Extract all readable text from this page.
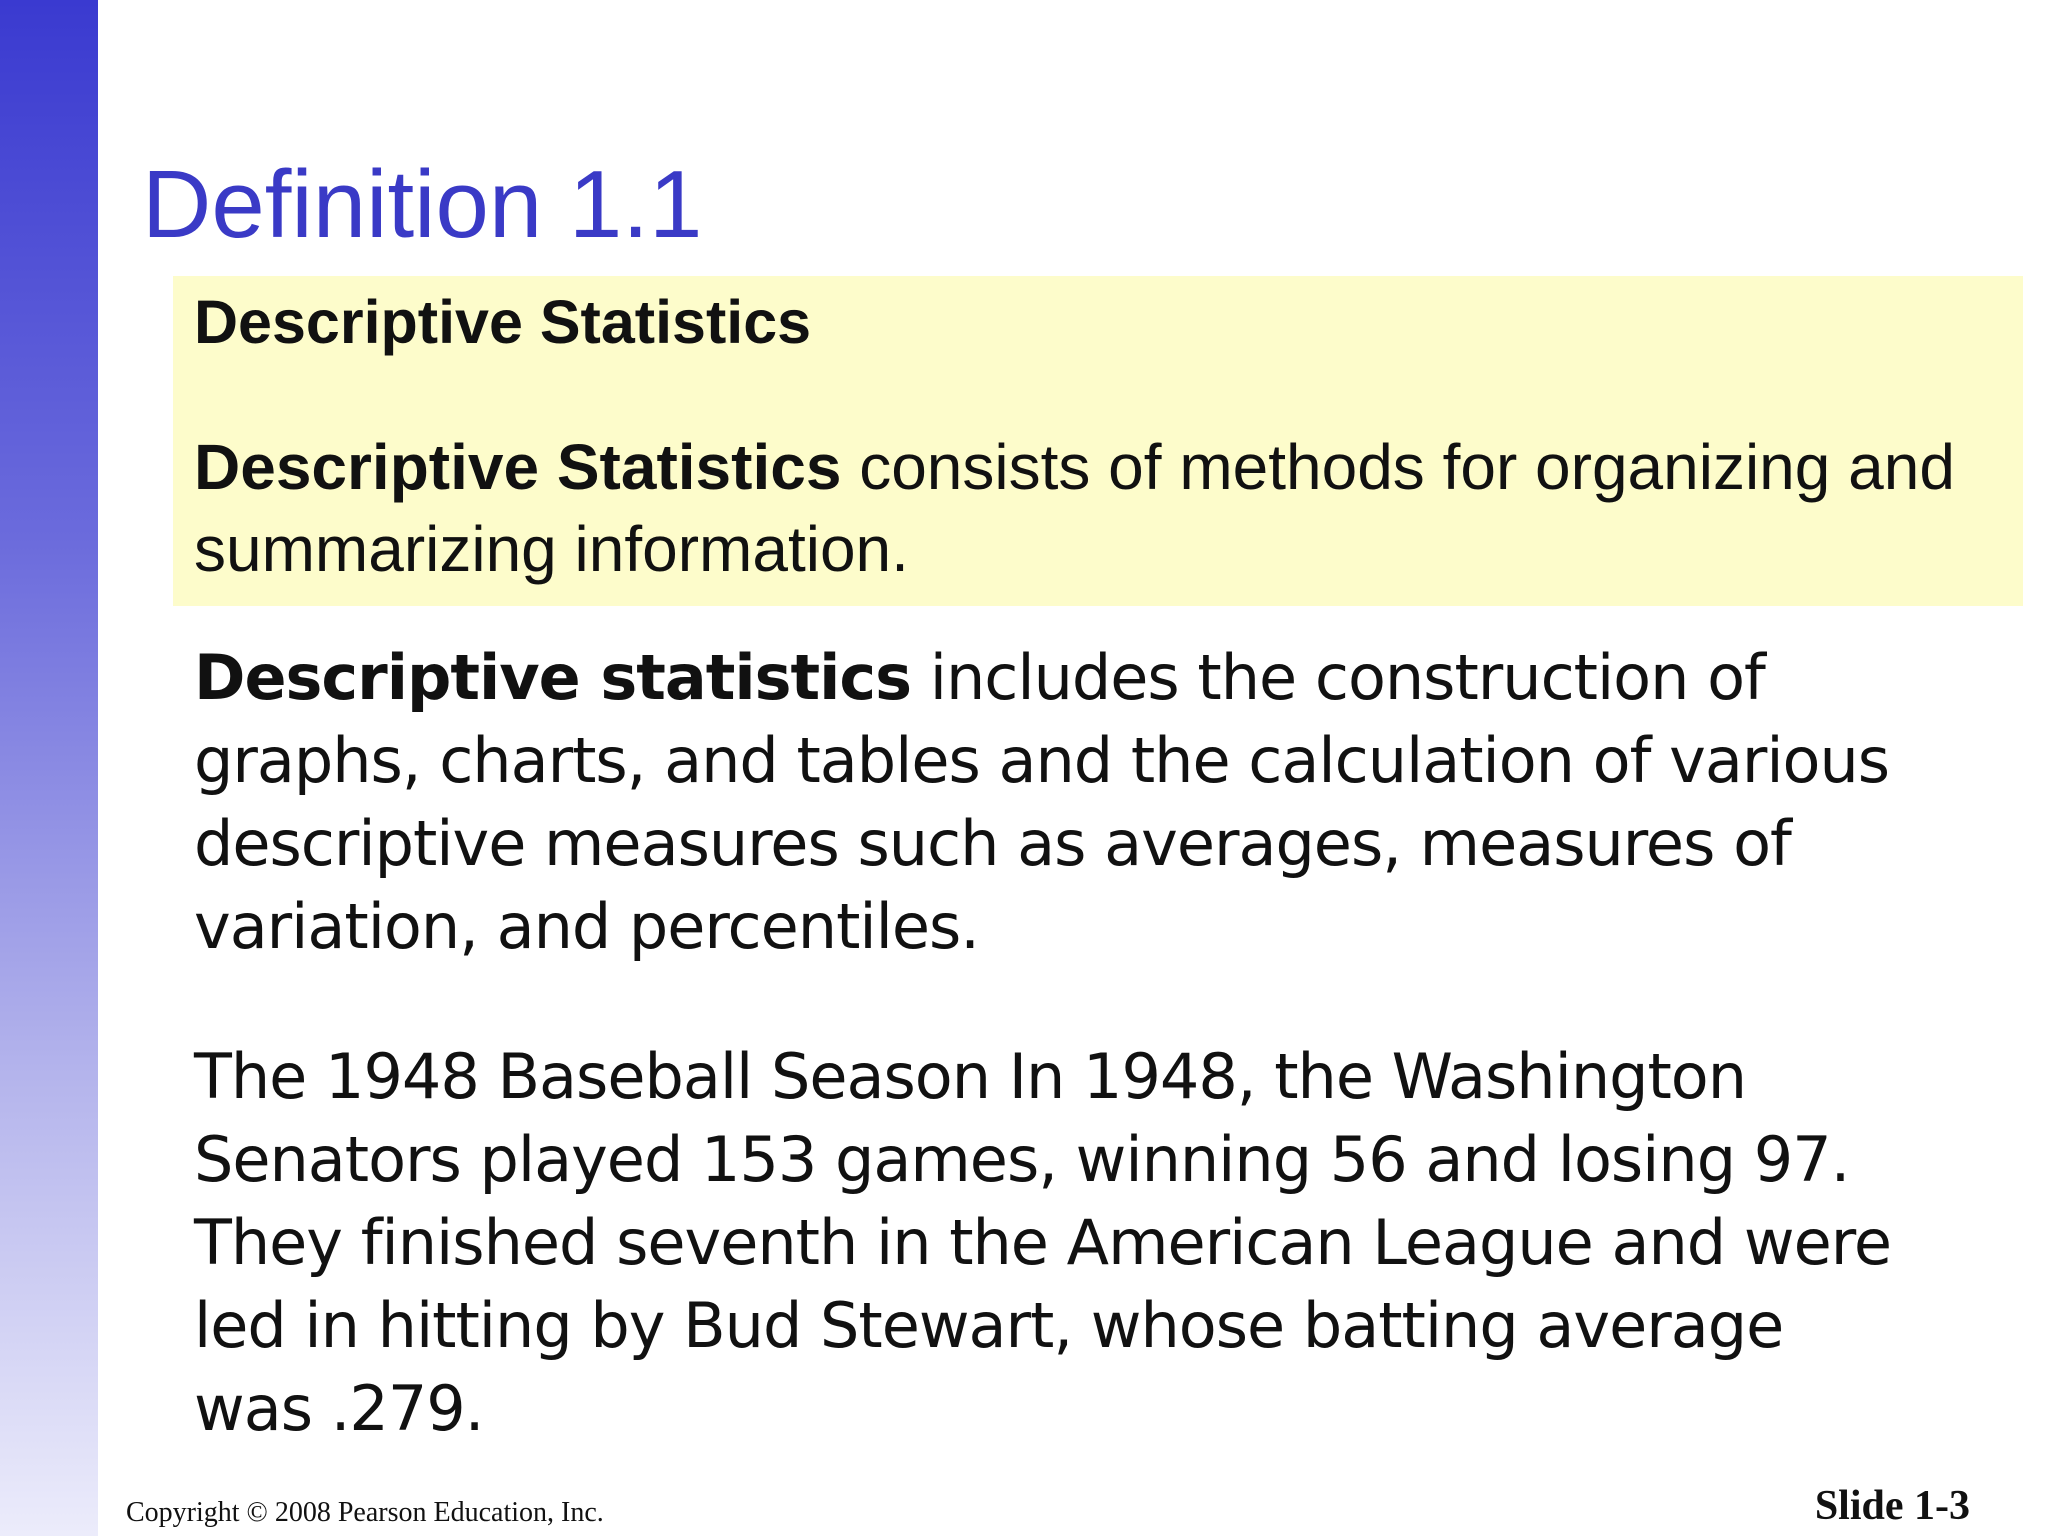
Definition 1.1

Descriptive Statistics

Descriptive Statistics consists of methods for organizing and summarizing information.

Descriptive statistics includes the construction of graphs, charts, and tables and the calculation of various descriptive measures such as averages, measures of variation, and percentiles.

The 1948 Baseball Season In 1948, the Washington Senators played 153 games, winning 56 and losing 97. They finished seventh in the American League and were led in hitting by Bud Stewart, whose batting average was .279.

Copyright © 2008 Pearson Education, Inc.	Slide 1-3
